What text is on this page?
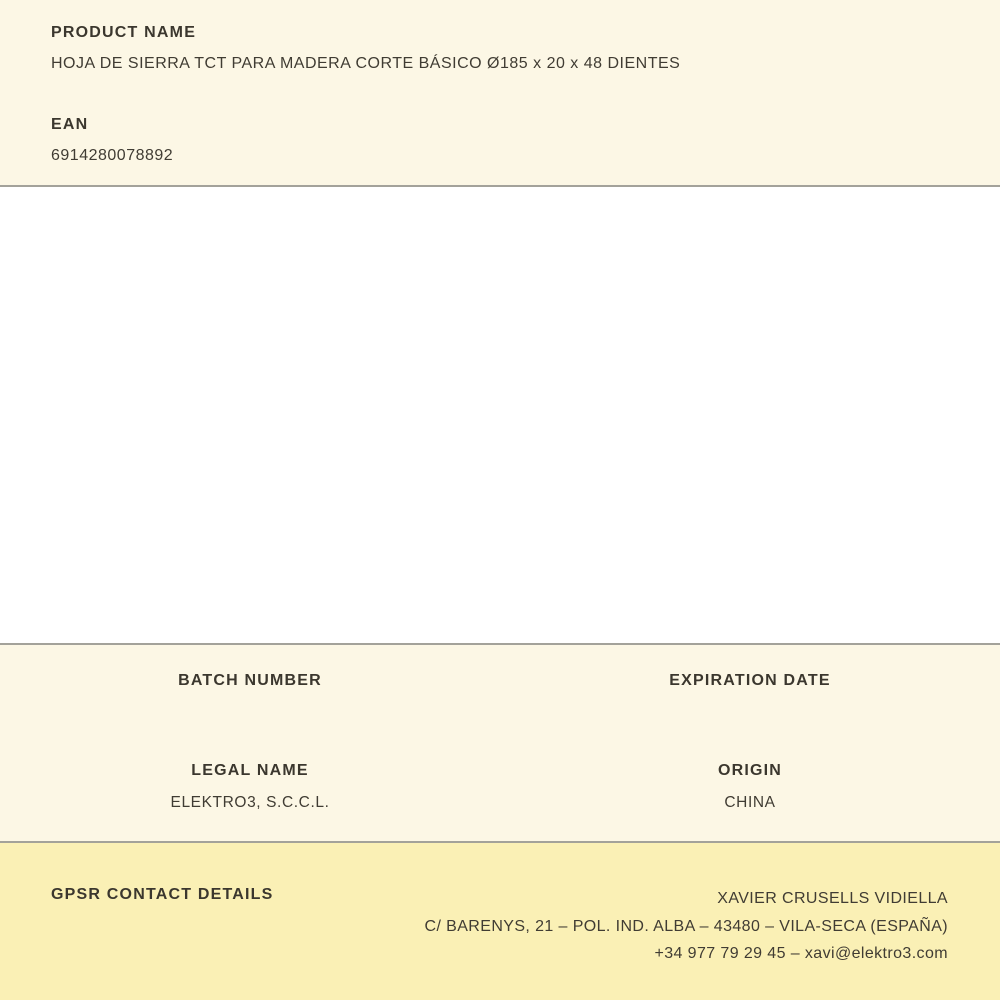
PRODUCT NAME
HOJA DE SIERRA TCT PARA MADERA CORTE BÁSICO Ø185 x 20 x 48 DIENTES
EAN
6914280078892
BATCH NUMBER	EXPIRATION DATE
LEGAL NAME
ELEKTRO3, S.C.C.L.
ORIGIN
CHINA
GPSR CONTACT DETAILS	XAVIER CRUSELLS VIDIELLA
C/ BARENYS, 21 – POL. IND. ALBA – 43480 – VILA-SECA (ESPAÑA)
+34 977 79 29 45 – xavi@elektro3.com
